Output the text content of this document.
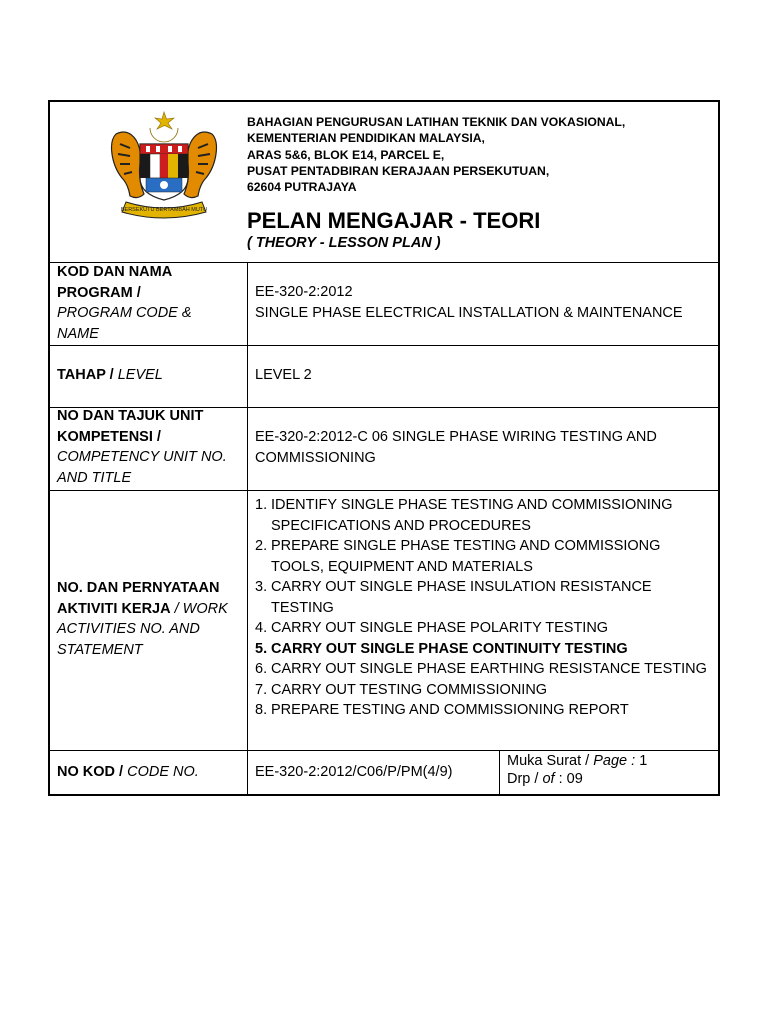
BERSEKUTU BERTAMBAH MUTU
BAHAGIAN PENGURUSAN LATIHAN TEKNIK DAN VOKASIONAL,
KEMENTERIAN PENDIDIKAN MALAYSIA,
ARAS 5&6, BLOK E14, PARCEL E,
PUSAT PENTADBIRAN KERAJAAN PERSEKUTUAN,
62604 PUTRAJAYA
PELAN MENGAJAR - TEORI
( THEORY - LESSON PLAN )
KOD DAN NAMA
PROGRAM /
PROGRAM CODE &
NAME
EE-320-2:2012
SINGLE PHASE ELECTRICAL INSTALLATION & MAINTENANCE
TAHAP / LEVEL	LEVEL 2
NO DAN TAJUK UNIT
KOMPETENSI /
COMPETENCY UNIT NO.
AND TITLE
EE-320-2:2012-C 06 SINGLE PHASE WIRING TESTING AND
COMMISSIONING
NO. DAN PERNYATAAN
AKTIVITI KERJA / WORK
ACTIVITIES NO. AND
STATEMENT
1. IDENTIFY SINGLE PHASE TESTING AND COMMISSIONING SPECIFICATIONS AND PROCEDURES
2. PREPARE SINGLE PHASE TESTING AND COMMISSIONG TOOLS, EQUIPMENT AND MATERIALS
3. CARRY OUT SINGLE PHASE INSULATION RESISTANCE TESTING
4. CARRY OUT SINGLE PHASE POLARITY TESTING
5. CARRY OUT SINGLE PHASE CONTINUITY TESTING
6. CARRY OUT SINGLE PHASE EARTHING RESISTANCE TESTING
7. CARRY OUT TESTING COMMISSIONING
8. PREPARE TESTING AND COMMISSIONING REPORT
NO KOD / CODE NO.	EE-320-2:2012/C06/P/PM(4/9)
Muka Surat / Page : 1
Drp / of : 09
